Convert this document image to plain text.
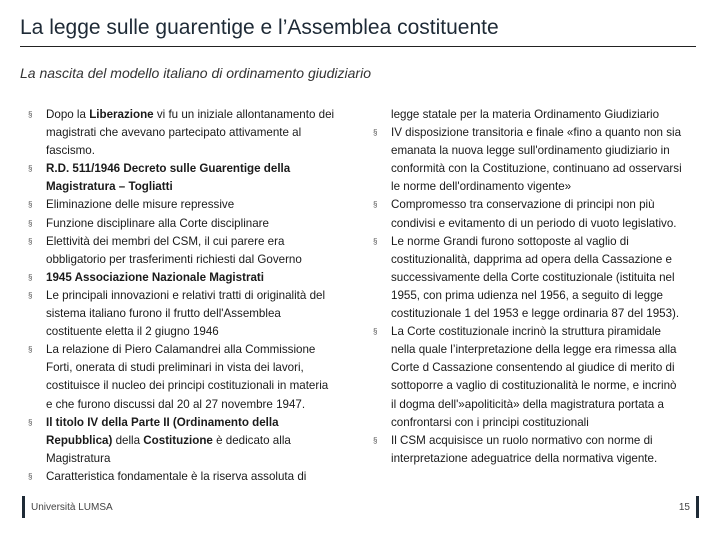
La legge sulle guarentige e l’Assemblea costituente
La nascita del modello italiano di ordinamento giudiziario
§ Dopo la Liberazione vi fu un iniziale allontanamento dei
magistrati che avevano partecipato attivamente al
fascismo.
§ R.D. 511/1946 Decreto sulle Guarentige della
Magistratura – Togliatti
§ Eliminazione delle misure repressive
§ Funzione disciplinare alla Corte disciplinare
§ Elettività dei membri del CSM, il cui parere era
obbligatorio per trasferimenti richiesti dal Governo
§ 1945 Associazione Nazionale Magistrati
§ Le principali innovazioni e relativi tratti di originalità del
sistema italiano furono il frutto dell'Assemblea
costituente eletta il 2 giugno 1946
§ La relazione di Piero Calamandrei alla Commissione
Forti, onerata di studi preliminari in vista dei lavori,
costituisce il nucleo dei principi costituzionali in materia
e che furono discussi dal 20 al 27 novembre 1947.
§ Il titolo IV della Parte II (Ordinamento della
Repubblica) della Costituzione è dedicato alla
Magistratura
§ Caratteristica fondamentale è la riserva assoluta di
legge statale per la materia Ordinamento Giudiziario
§ IV disposizione transitoria e finale «fino a quanto non sia
emanata la nuova legge sull'ordinamento giudiziario in
conformità con la Costituzione, continuano ad osservarsi
le norme dell'ordinamento vigente»
§ Compromesso tra conservazione di principi non più
condivisi e evitamento di un periodo di vuoto legislativo.
§ Le norme Grandi furono sottoposte al vaglio di
costituzionalità, dapprima ad opera della Cassazione e
successivamente della Corte costituzionale (istituita nel
1955, con prima udienza nel 1956, a seguito di legge
costituzionale 1 del 1953 e legge ordinaria 87 del 1953).
§ La Corte costituzionale incrinò la struttura piramidale
nella quale l’interpretazione della legge era rimessa alla
Corte d Cassazione consentendo al giudice di merito di
sottoporre a vaglio di costituzionalità le norme, e incrinò
il dogma dell'»apoliticità» della magistratura portata a
confrontarsi con i principi costituzionali
§ Il CSM acquisisce un ruolo normativo con norme di
interpretazione adeguatrice della normativa vigente.
Università LUMSA	15
